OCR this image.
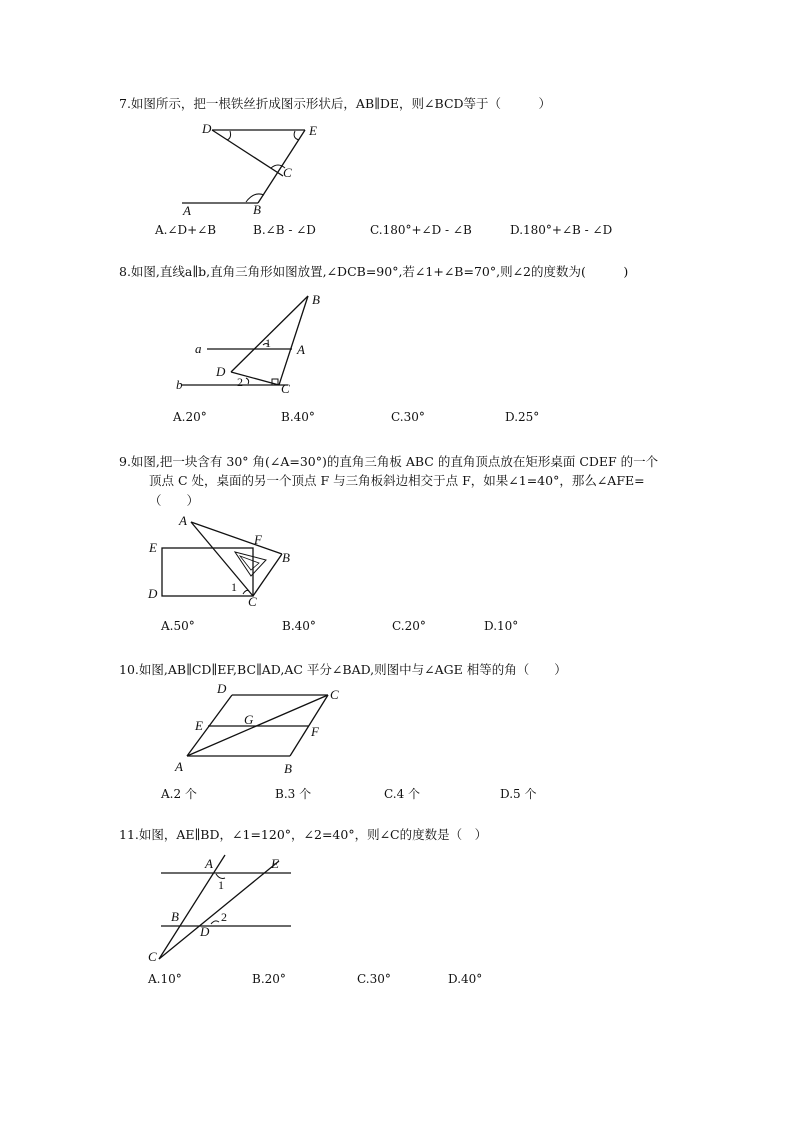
7.如图所示，把一根铁丝折成图示形状后，AB∥DE，则∠BCD等于（　　　）
D	E
C
A	B
A.∠D+∠B	B.∠B - ∠D	C.180°+∠D - ∠B	D.180°+∠B - ∠D
8.如图,直线a∥b,直角三角形如图放置,∠DCB=90°,若∠1+∠B=70°,则∠2的度数为(　　　)
a
b
B
A
D
C
1
2
A.20°	B.40°	C.30°	D.25°
9.如图,把一块含有 30° 角(∠A=30°)的直角三角板 ABC 的直角顶点放在矩形桌面 CDEF 的一个
顶点 C 处，桌面的另一个顶点 F 与三角板斜边相交于点 F，如果∠1=40°，那么∠AFE=
（　　）
A
F
E
B
D
C
1
A.50°	B.40°	C.20°	D.10°
10.如图,AB∥CD∥EF,BC∥AD,AC 平分∠BAD,则图中与∠AGE 相等的角（　　）
D	C
E	G
F
A	B
A.2 个	B.3 个	C.4 个	D.5 个
11.如图，AE∥BD，∠1=120°，∠2=40°，则∠C的度数是（　）
A	E
1
B	2
D
C
A.10°	B.20°	C.30°	D.40°
